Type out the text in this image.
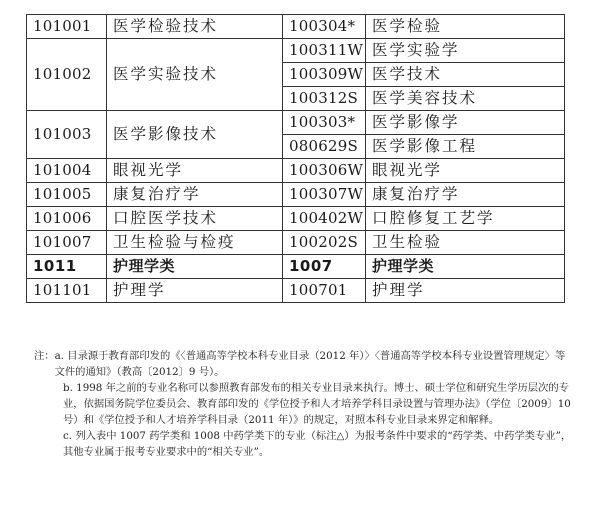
101001	医学检验技术	100304*	医学检验
101002	医学实验技术	100311W	医学实验学
		100309W	医学技术
		100312S	医学美容技术
101003	医学影像技术	100303*	医学影像学
		080629S	医学影像工程
101004	眼视光学	100306W	眼视光学
101005	康复治疗学	100307W	康复治疗学
101006	口腔医学技术	100402W	口腔修复工艺学
101007	卫生检验与检疫	100202S	卫生检验
1011	护理学类	1007	护理学类
101101	护理学	100701	护理学
注： a. 目录源于教育部印发的《〈普通高等学校本科专业目录（2012 年）〉〈普通高等学校本科专业设置管理规定〉等文件的通知》（教高〔2012〕9 号）。
b. 1998 年之前的专业名称可以参照教育部发布的相关专业目录来执行。博士、硕士学位和研究生学历层次的专业，依据国务院学位委员会、教育部印发的《学位授予和人才培养学科目录设置与管理办法》（学位〔2009〕10 号）和《学位授予和人才培养学科目录（2011 年）》的规定，对照本科专业目录来界定和解释。
c. 列入表中 1007 药学类和 1008 中药学类下的专业（标注△）为报考条件中要求的“药学类、中药学类专业”，其他专业属于报考专业要求中的“相关专业”。
